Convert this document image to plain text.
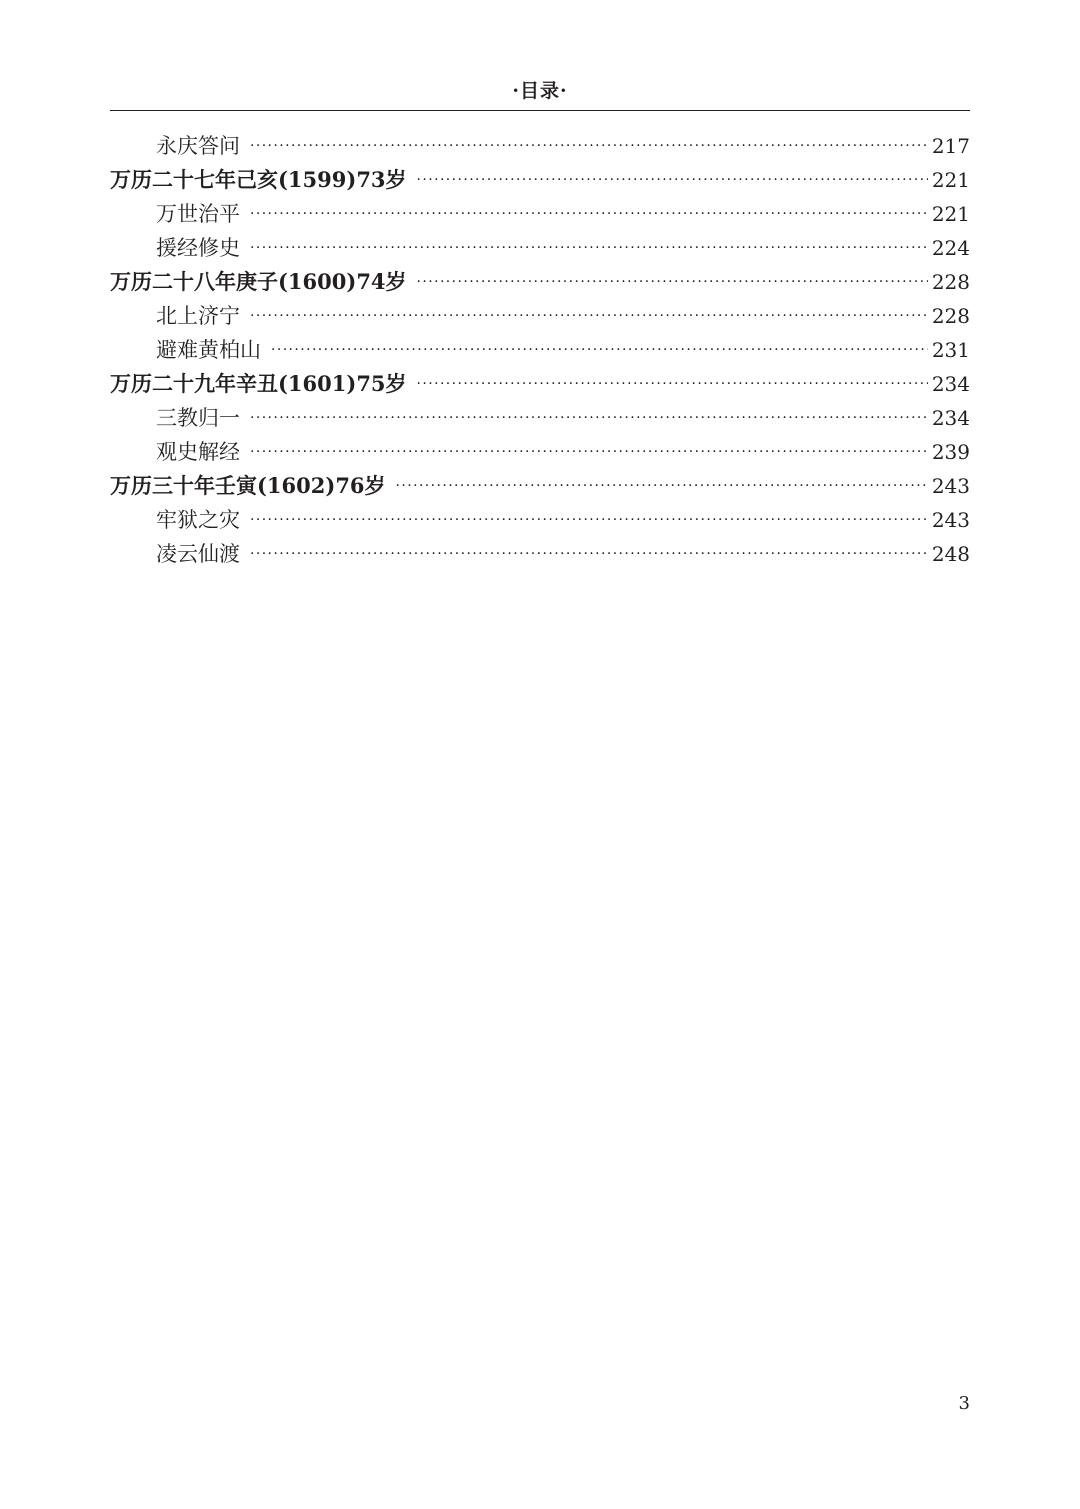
·目录·
永庆答问 ·····	217
万历二十七年己亥(1599)73岁 ·····	221
万世治平 ·····	221
援经修史 ·····	224
万历二十八年庚子(1600)74岁 ·····	228
北上济宁 ·····	228
避难黄柏山 ·····	231
万历二十九年辛丑(1601)75岁 ·····	234
三教归一 ·····	234
观史解经 ·····	239
万历三十年壬寅(1602)76岁 ·····	243
牢狱之灾 ·····	243
凌云仙渡 ·····	248
3
